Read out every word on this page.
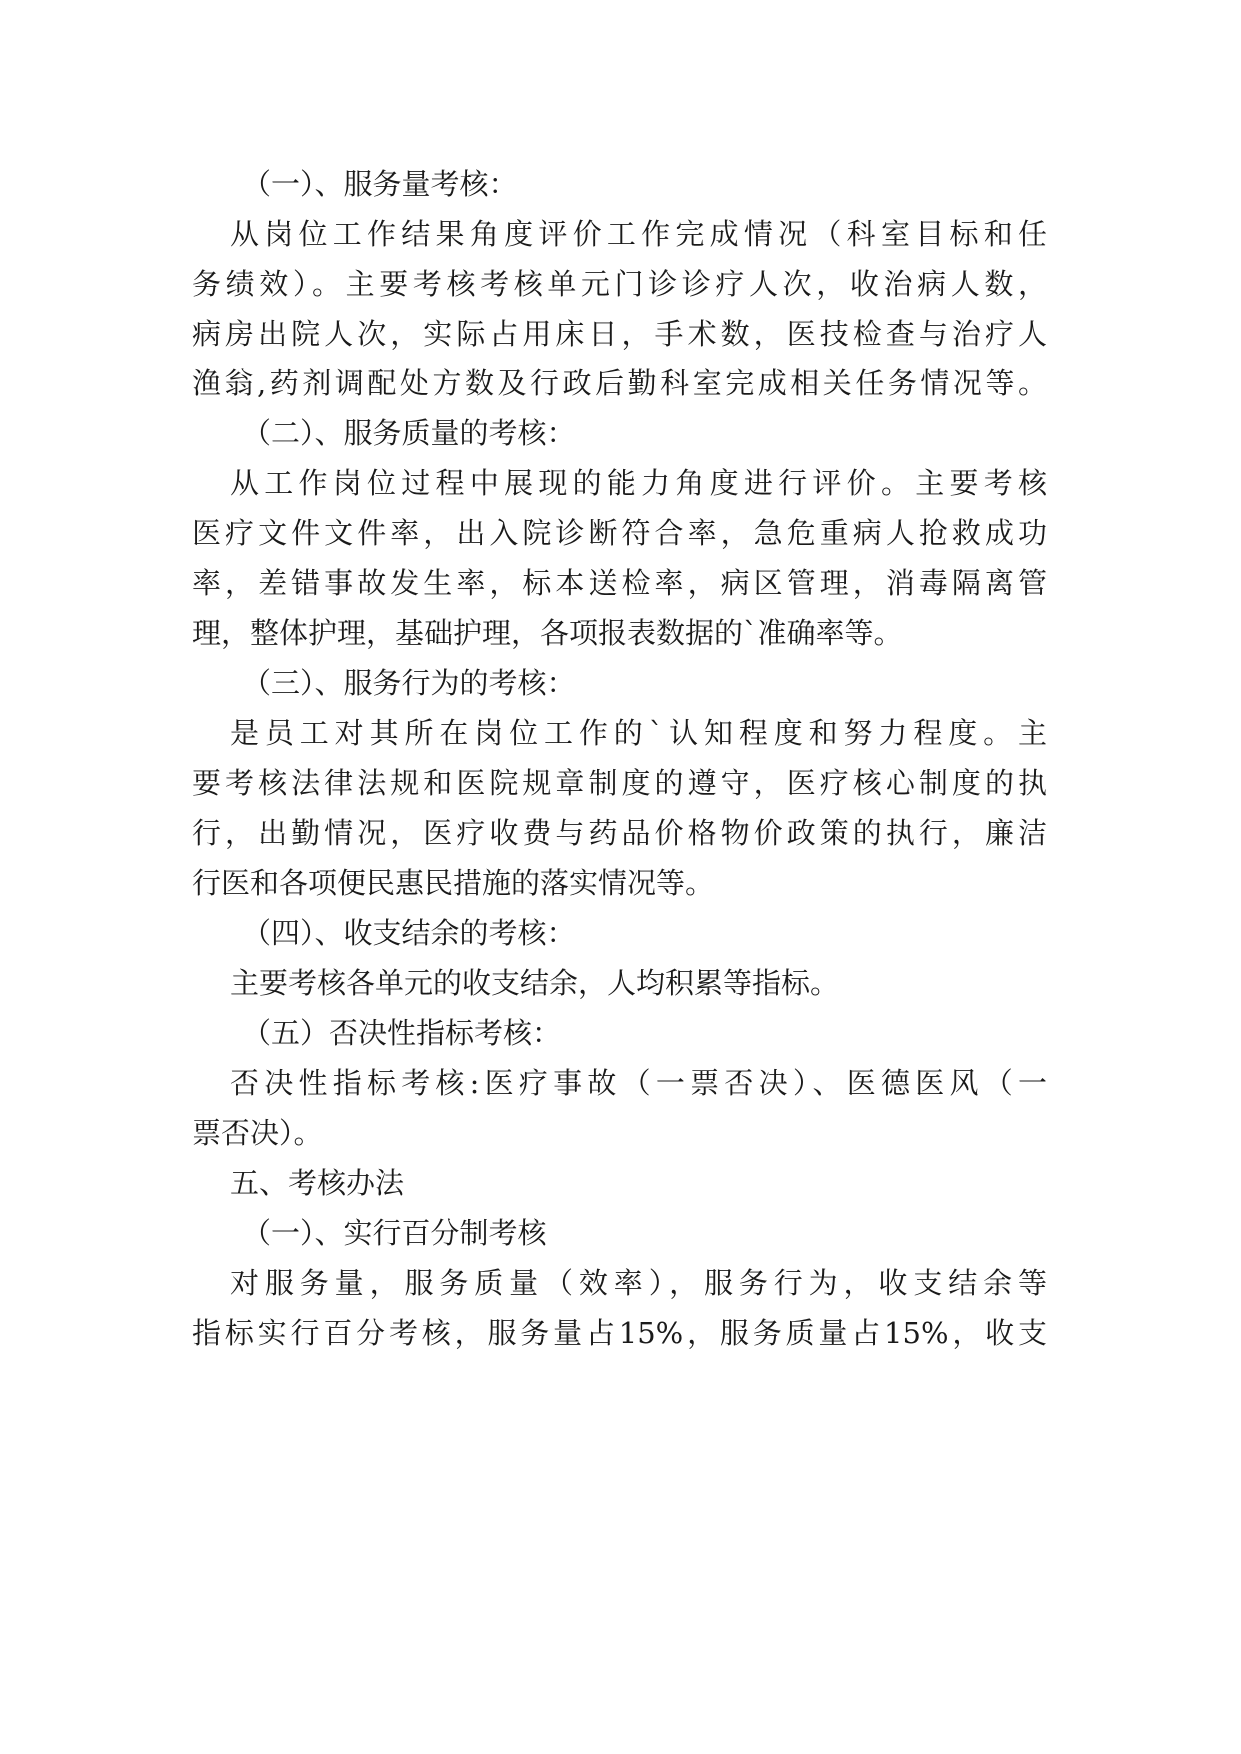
（一）、服务量考核：

从岗位工作结果角度评价工作完成情况（科室目标和任

务绩效）。主要考核考核单元门诊诊疗人次，收治病人数，

病房出院人次，实际占用床日，手术数，医技检查与治疗人

渔翁,药剂调配处方数及行政后勤科室完成相关任务情况等。

（二）、服务质量的考核：

从工作岗位过程中展现的能力角度进行评价。主要考核

医疗文件文件率，出入院诊断符合率，急危重病人抢救成功

率，差错事故发生率，标本送检率，病区管理，消毒隔离管

理，整体护理，基础护理，各项报表数据的`准确率等。

（三）、服务行为的考核：

是员工对其所在岗位工作的`认知程度和努力程度。主

要考核法律法规和医院规章制度的遵守，医疗核心制度的执

行，出勤情况，医疗收费与药品价格物价政策的执行，廉洁

行医和各项便民惠民措施的落实情况等。

（四）、收支结余的考核：

主要考核各单元的收支结余，人均积累等指标。

（五）否决性指标考核：

否决性指标考核:医疗事故（一票否决）、医德医风（一

票否决）。

五、考核办法

（一）、实行百分制考核

对服务量，服务质量（效率），服务行为，收支结余等

指标实行百分考核，服务量占15%，服务质量占15%，收支
